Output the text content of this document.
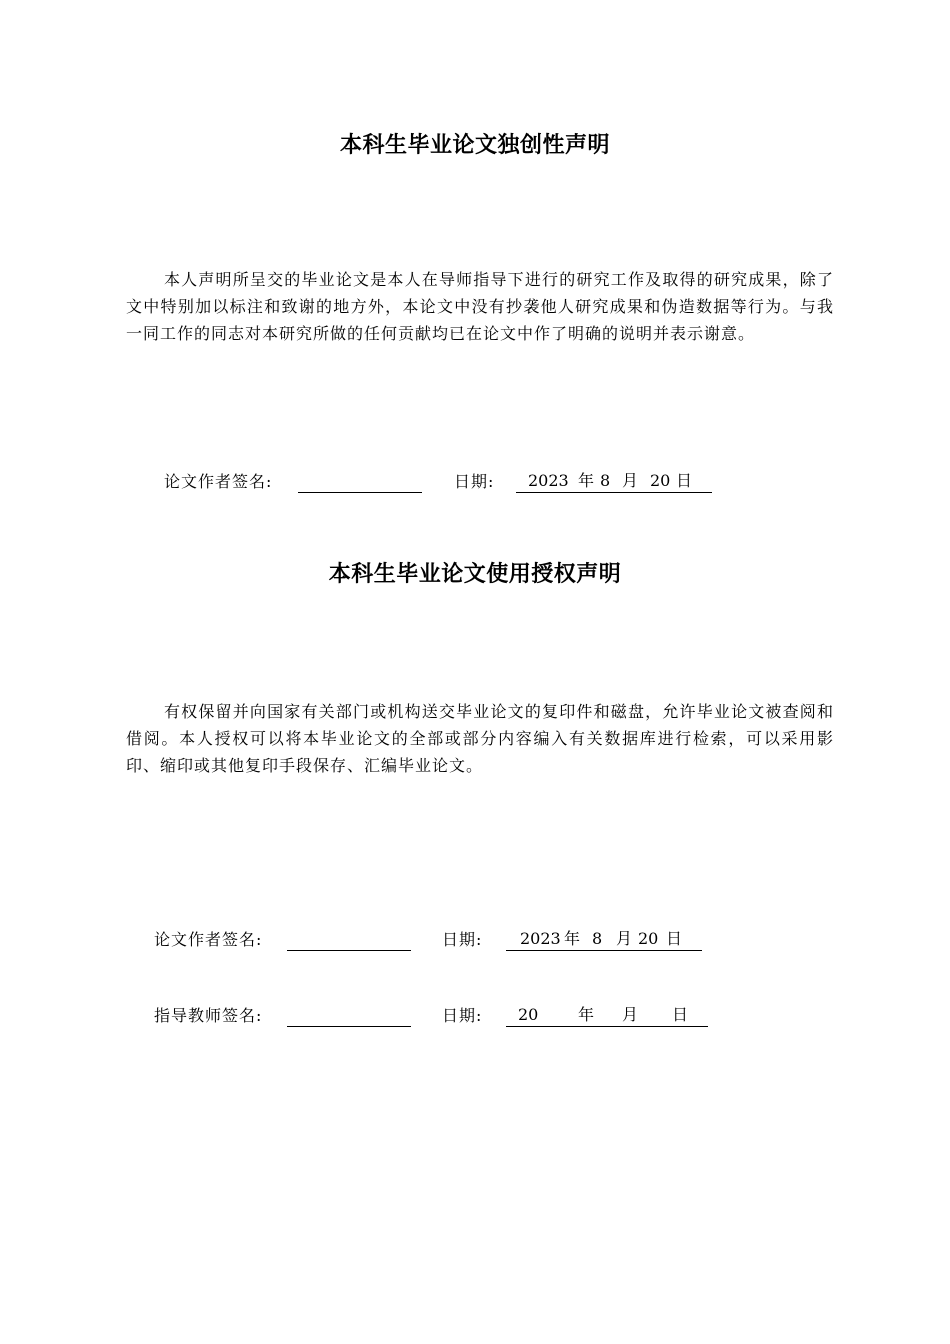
本科生毕业论文独创性声明

本人声明所呈交的毕业论文是本人在导师指导下进行的研究工作及取得的研究成果，除了文中特别加以标注和致谢的地方外，本论文中没有抄袭他人研究成果和伪造数据等行为。与我一同工作的同志对本研究所做的任何贡献均已在论文中作了明确的说明并表示谢意。

论文作者签名:	日期: 2023 年 8 月 20 日
本科生毕业论文使用授权声明

有权保留并向国家有关部门或机构送交毕业论文的复印件和磁盘，允许毕业论文被查阅和借阅。本人授权可以将本毕业论文的全部或部分内容编入有关数据库进行检索，可以采用影印、缩印或其他复印手段保存、汇编毕业论文。

论文作者签名:	日期: 2023 年 8 月 20 日
指导教师签名:	日期: 20 年 月 日
